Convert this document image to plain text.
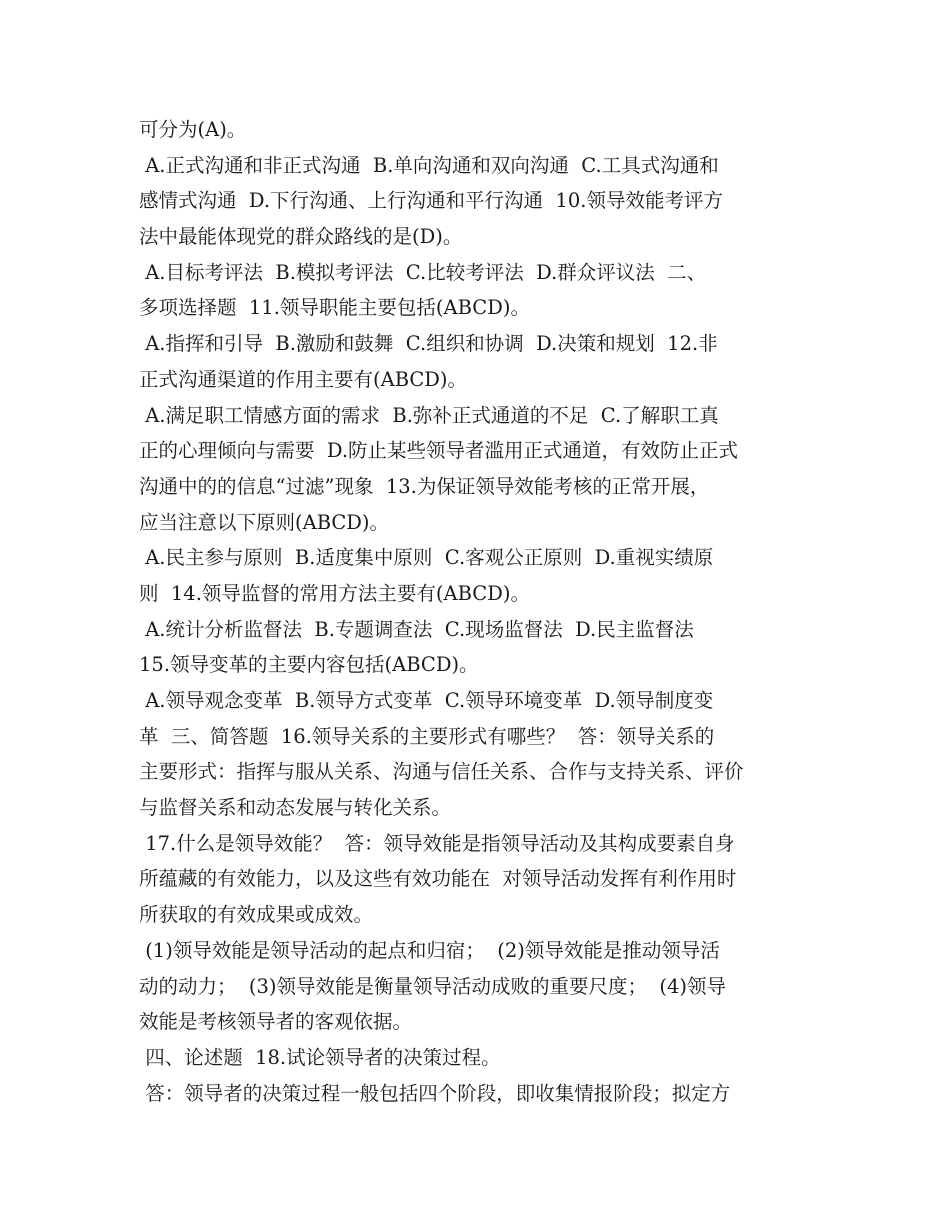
可分为(A)。
A.正式沟通和非正式沟通  B.单向沟通和双向沟通  C.工具式沟通和
感情式沟通  D.下行沟通、上行沟通和平行沟通  10.领导效能考评方
法中最能体现党的群众路线的是(D)。
A.目标考评法  B.模拟考评法  C.比较考评法  D.群众评议法  二、
多项选择题  11.领导职能主要包括(ABCD)。
A.指挥和引导  B.激励和鼓舞  C.组织和协调  D.决策和规划  12.非
正式沟通渠道的作用主要有(ABCD)。
A.满足职工情感方面的需求  B.弥补正式通道的不足  C.了解职工真
正的心理倾向与需要  D.防止某些领导者滥用正式通道，有效防止正式
沟通中的的信息“过滤”现象  13.为保证领导效能考核的正常开展，
应当注意以下原则(ABCD)。
A.民主参与原则  B.适度集中原则  C.客观公正原则  D.重视实绩原
则  14.领导监督的常用方法主要有(ABCD)。
A.统计分析监督法  B.专题调查法  C.现场监督法  D.民主监督法
15.领导变革的主要内容包括(ABCD)。
A.领导观念变革  B.领导方式变革  C.领导环境变革  D.领导制度变
革  三、简答题  16.领导关系的主要形式有哪些？  答：领导关系的
主要形式：指挥与服从关系、沟通与信任关系、合作与支持关系、评价
与监督关系和动态发展与转化关系。
17.什么是领导效能？  答：领导效能是指领导活动及其构成要素自身
所蕴藏的有效能力，以及这些有效功能在  对领导活动发挥有利作用时
所获取的有效成果或成效。
(1)领导效能是领导活动的起点和归宿；  (2)领导效能是推动领导活
动的动力；  (3)领导效能是衡量领导活动成败的重要尺度；  (4)领导
效能是考核领导者的客观依据。
四、论述题  18.试论领导者的决策过程。
答：领导者的决策过程一般包括四个阶段，即收集情报阶段；拟定方
